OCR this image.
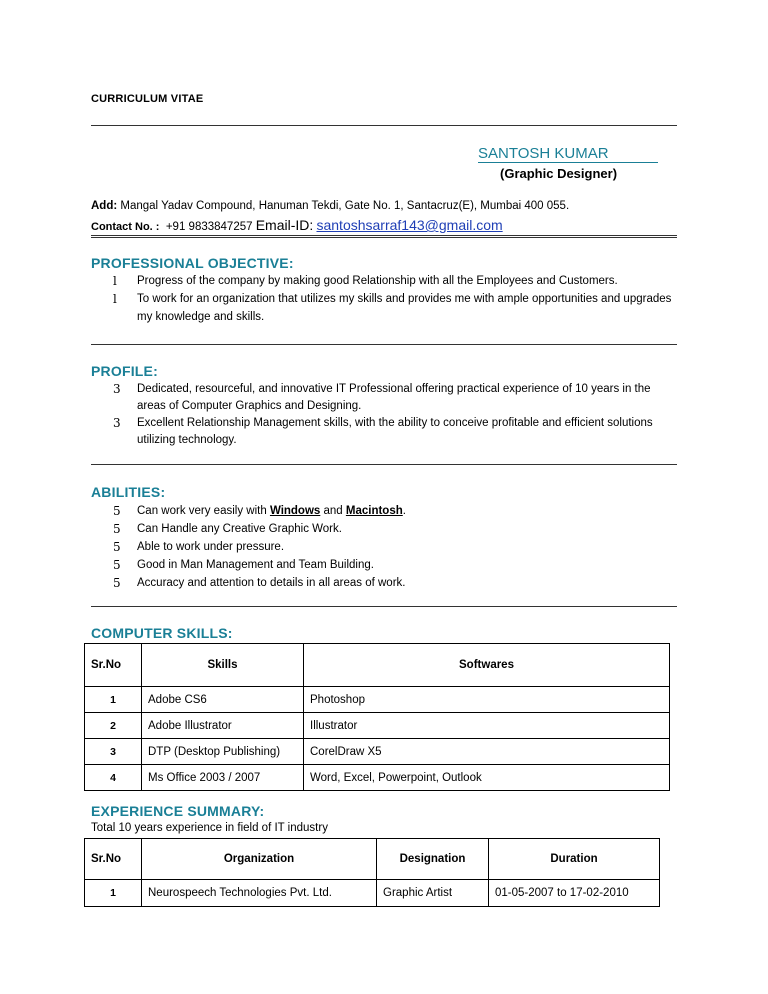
CURRICULUM VITAE
SANTOSH KUMAR
(Graphic Designer)
Add: Mangal Yadav Compound, Hanuman Tekdi, Gate No. 1, Santacruz(E), Mumbai 400 055.
Contact No. : +91 9833847257 Email-ID: santoshsarraf143@gmail.com
PROFESSIONAL OBJECTIVE:
l Progress of the company by making good Relationship with all the Employees and Customers.
l To work for an organization that utilizes my skills and provides me with ample opportunities and upgrades my knowledge and skills.
PROFILE:
3 Dedicated, resourceful, and innovative IT Professional offering practical experience of 10 years in the areas of Computer Graphics and Designing.
3 Excellent Relationship Management skills, with the ability to conceive profitable and efficient solutions utilizing technology.
ABILITIES:
5 Can work very easily with Windows and Macintosh.
5 Can Handle any Creative Graphic Work.
5 Able to work under pressure.
5 Good in Man Management and Team Building.
5 Accuracy and attention to details in all areas of work.
COMPUTER SKILLS:
Sr.No	Skills	Softwares
1	Adobe CS6	Photoshop
2	Adobe Illustrator	Illustrator
3	DTP (Desktop Publishing)	CorelDraw X5
4	Ms Office 2003 / 2007	Word, Excel, Powerpoint, Outlook
EXPERIENCE SUMMARY:
Total 10 years experience in field of IT industry
Sr.No	Organization	Designation	Duration
1	Neurospeech Technologies Pvt. Ltd.	Graphic Artist	01-05-2007 to 17-02-2010
